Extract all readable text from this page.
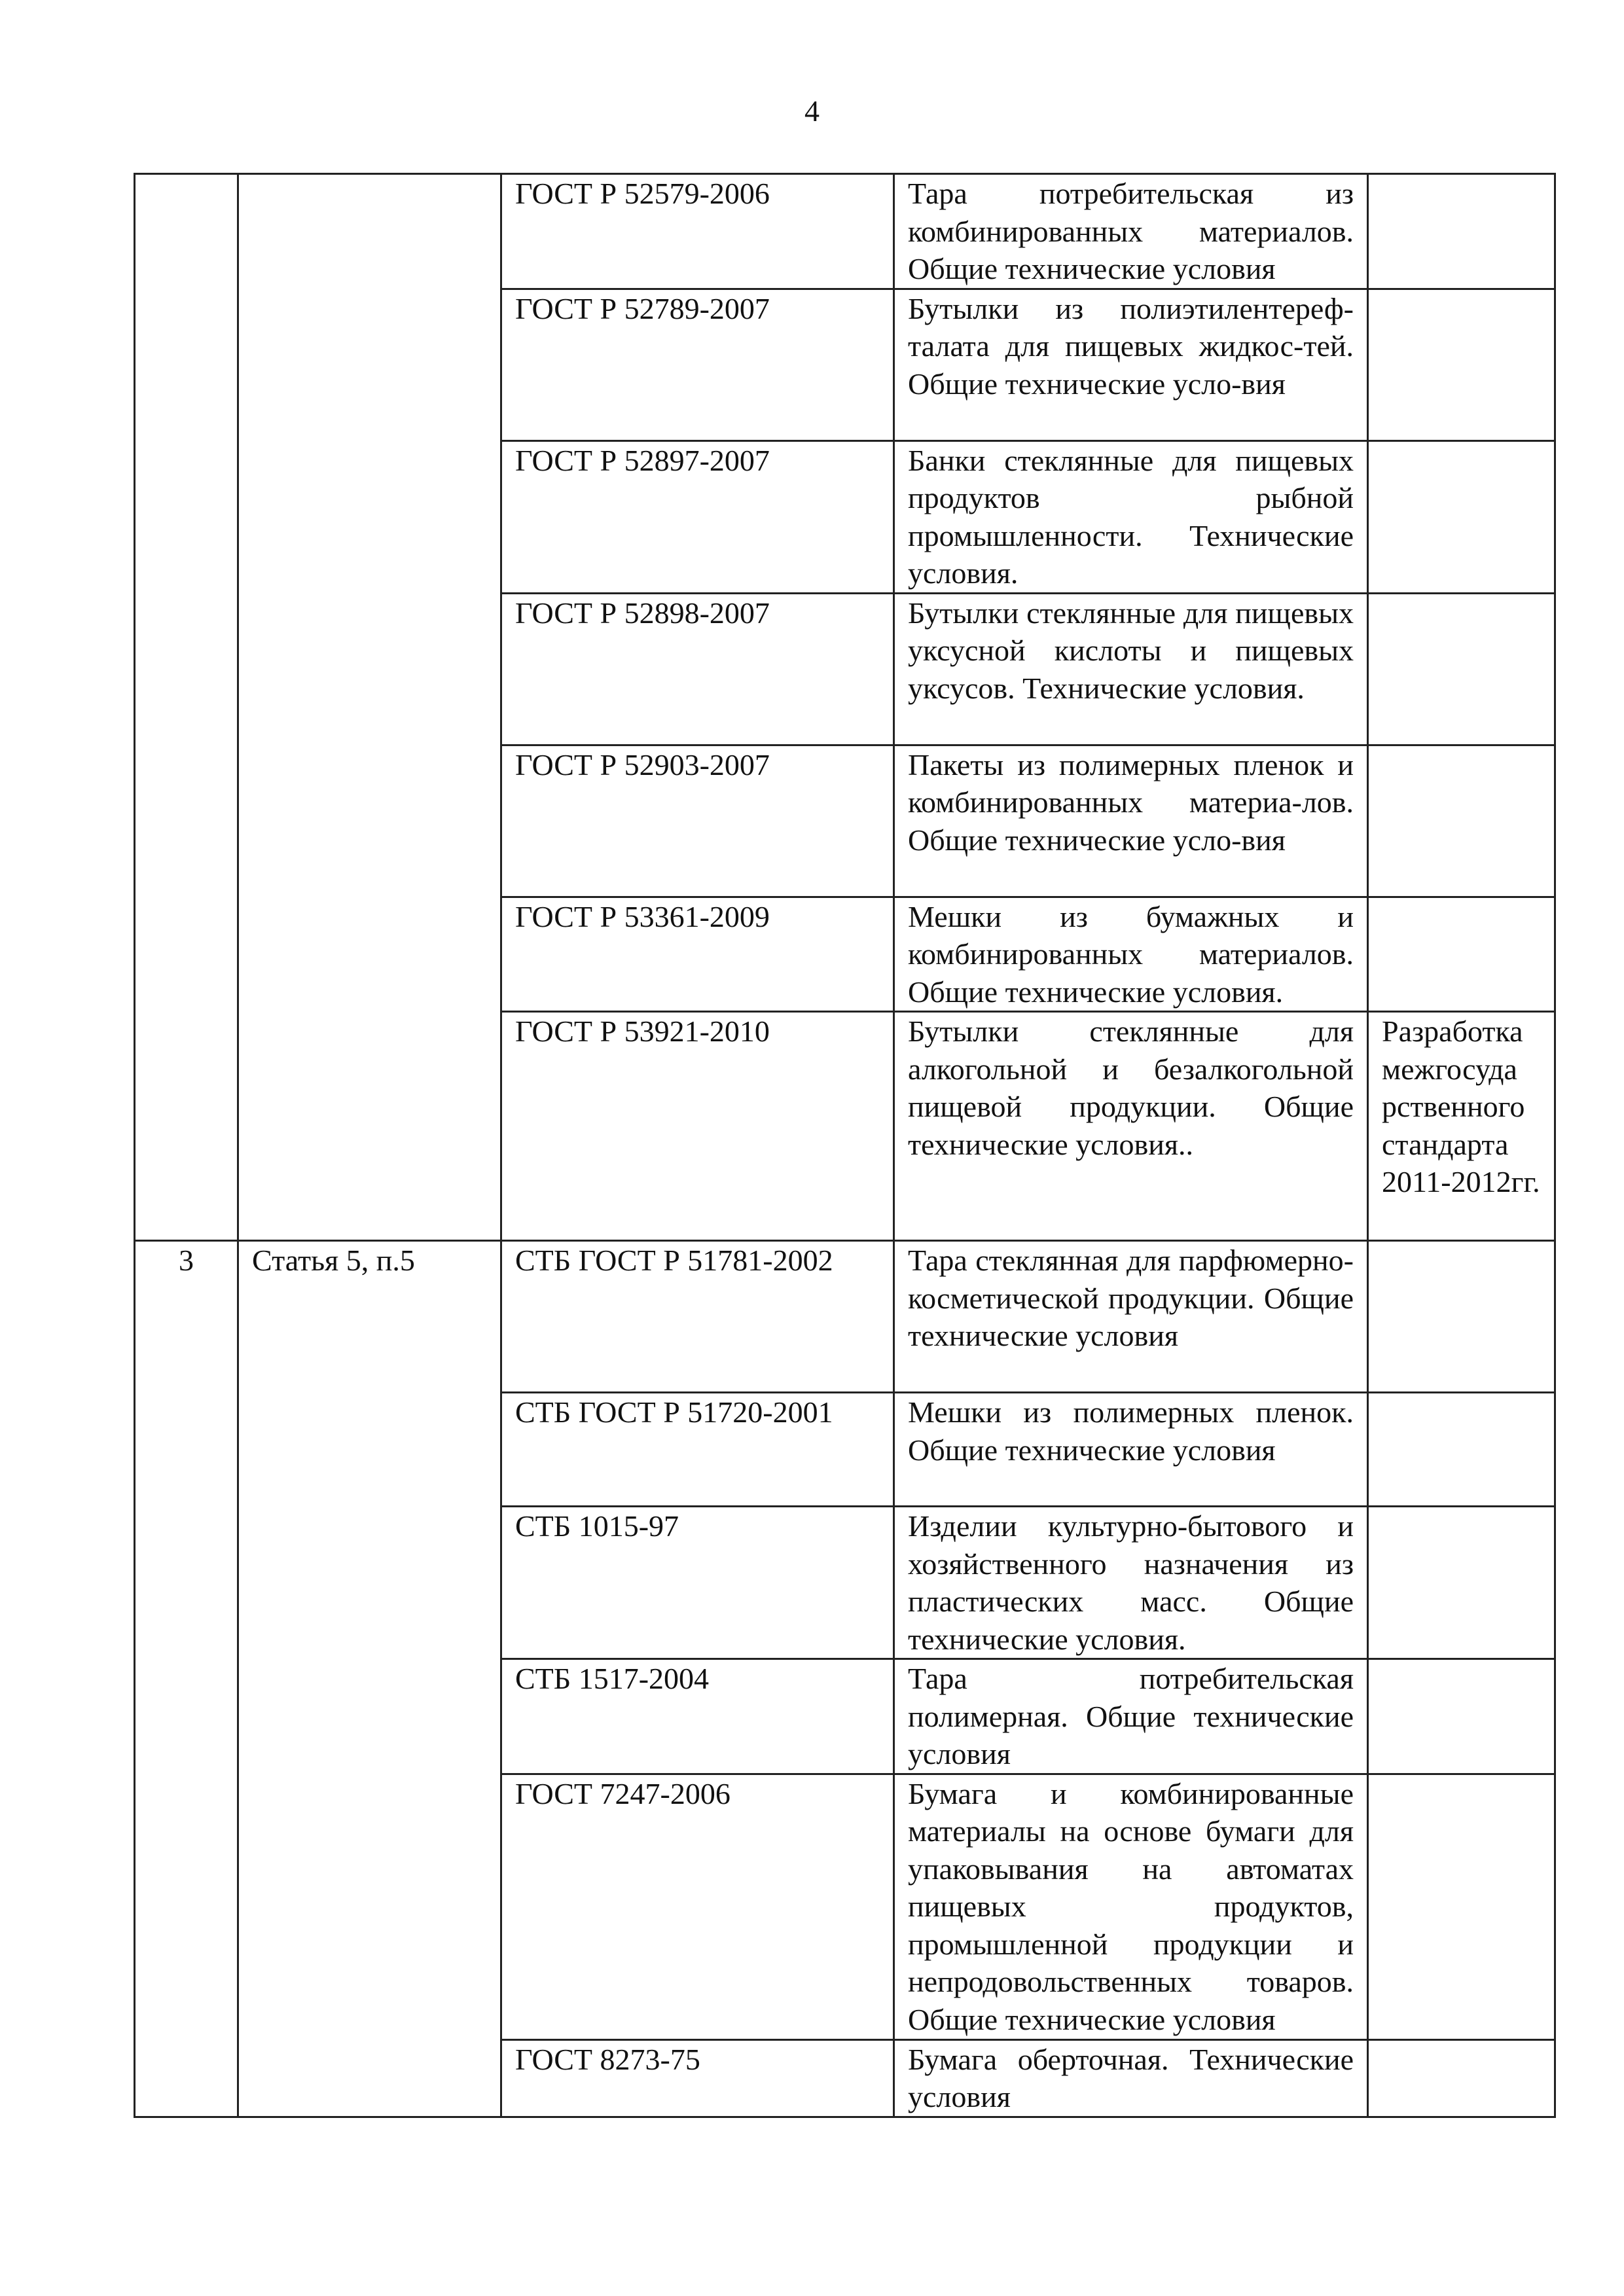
4
		ГОСТ Р 52579-2006	Тара потребительская из комбинированных материалов. Общие технические условия	
		ГОСТ Р 52789-2007	Бутылки из полиэтилентереф-талата для пищевых жидкос-тей. Общие технические усло-вия	
		ГОСТ Р 52897-2007	Банки стеклянные для пищевых продуктов рыбной промышленности. Технические условия.	
		ГОСТ Р 52898-2007	Бутылки стеклянные для пищевых уксусной кислоты и пищевых уксусов. Технические условия.	
		ГОСТ Р 52903-2007	Пакеты из полимерных пленок и комбинированных материа-лов. Общие технические усло-вия	
		ГОСТ Р 53361-2009	Мешки из бумажных и комбинированных материалов. Общие технические условия.	
		ГОСТ Р 53921-2010	Бутылки стеклянные для алкогольной и безалкогольной пищевой продукции. Общие технические условия..	Разработка межгосуда рственного стандарта 2011-2012гг.
3	Статья 5, п.5	СТБ ГОСТ Р 51781-2002	Тара стеклянная для парфюмерно-косметической продукции. Общие технические условия	
		СТБ ГОСТ Р 51720-2001	Мешки из полимерных пленок. Общие технические условия	
		СТБ 1015-97	Изделии культурно-бытового и хозяйственного назначения из пластических масс. Общие технические условия.	
		СТБ 1517-2004	Тара потребительская полимерная. Общие технические условия	
		ГОСТ 7247-2006	Бумага и комбинированные материалы на основе бумаги для упаковывания на автоматах пищевых продуктов, промышленной продукции и непродовольственных товаров. Общие технические условия	
		ГОСТ 8273-75	Бумага оберточная. Технические условия	
